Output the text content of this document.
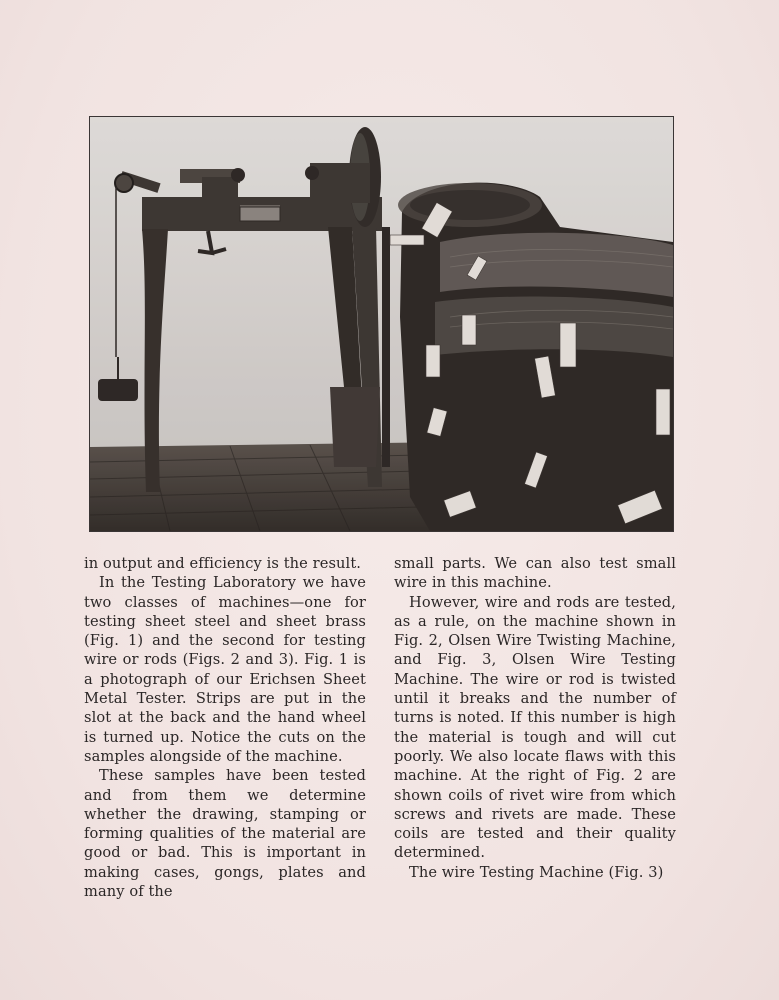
in output and efficiency is the result.

In the Testing Laboratory we have two classes of machines—one for testing sheet steel and sheet brass (Fig. 1) and the second for testing wire or rods (Figs. 2 and 3). Fig. 1 is a photograph of our Erichsen Sheet Metal Tester. Strips are put in the slot at the back and the hand wheel is turned up. Notice the cuts on the samples alongside of the machine.

These samples have been tested and from them we determine whether the drawing, stamping or forming qualities of the material are good or bad. This is important in making cases, gongs, plates and many of the

small parts. We can also test small wire in this machine.

However, wire and rods are tested, as a rule, on the machine shown in Fig. 2, Olsen Wire Twisting Machine, and Fig. 3, Olsen Wire Testing Machine. The wire or rod is twisted until it breaks and the number of turns is noted. If this number is high the material is tough and will cut poorly. We also locate flaws with this machine. At the right of Fig. 2 are shown coils of rivet wire from which screws and rivets are made. These coils are tested and their quality determined.

The wire Testing Machine (Fig. 3)
